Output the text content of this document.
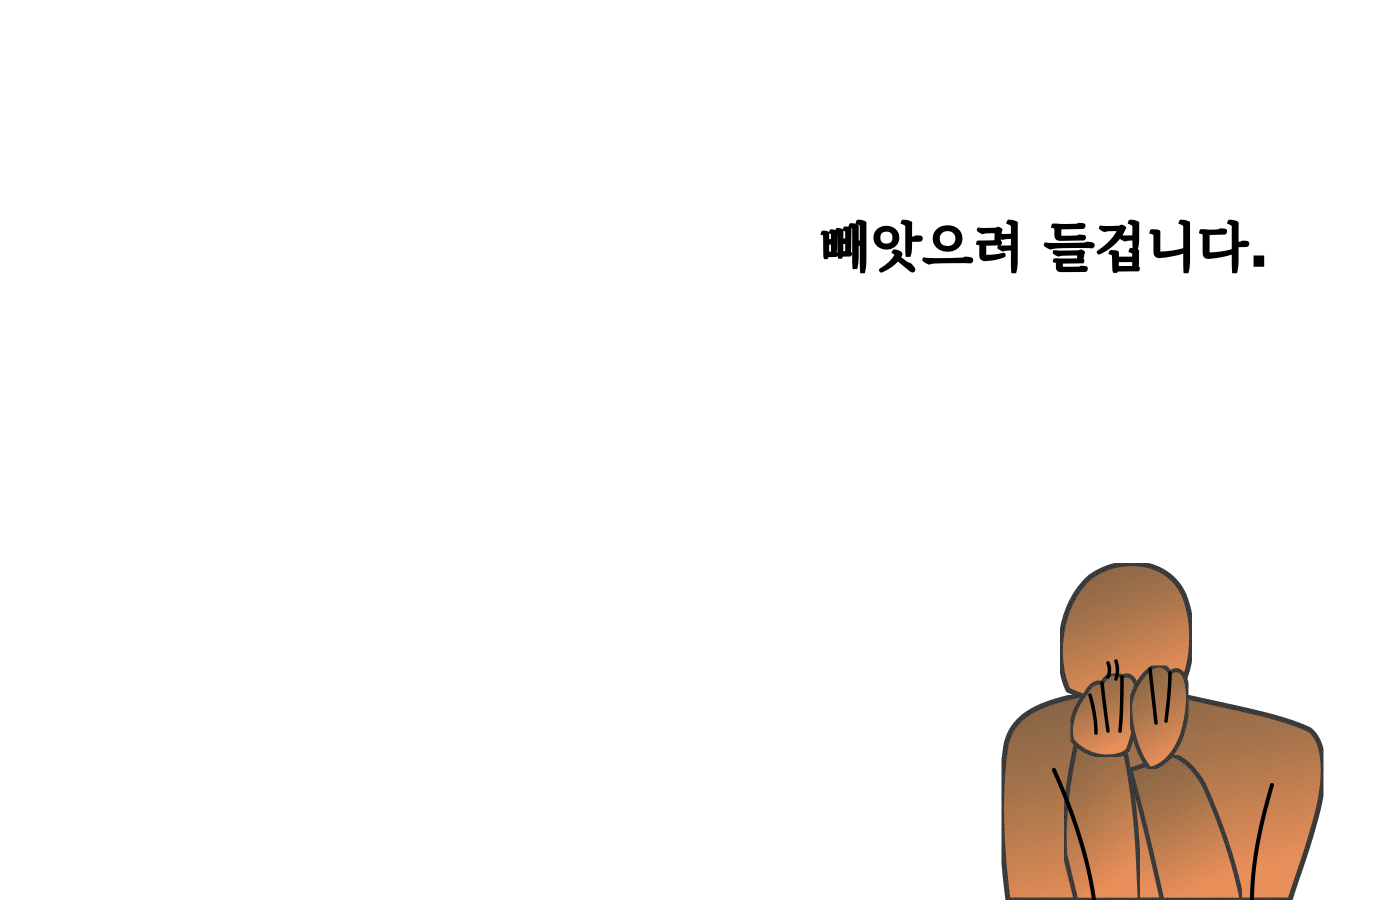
빼앗으려 들겁니다.
